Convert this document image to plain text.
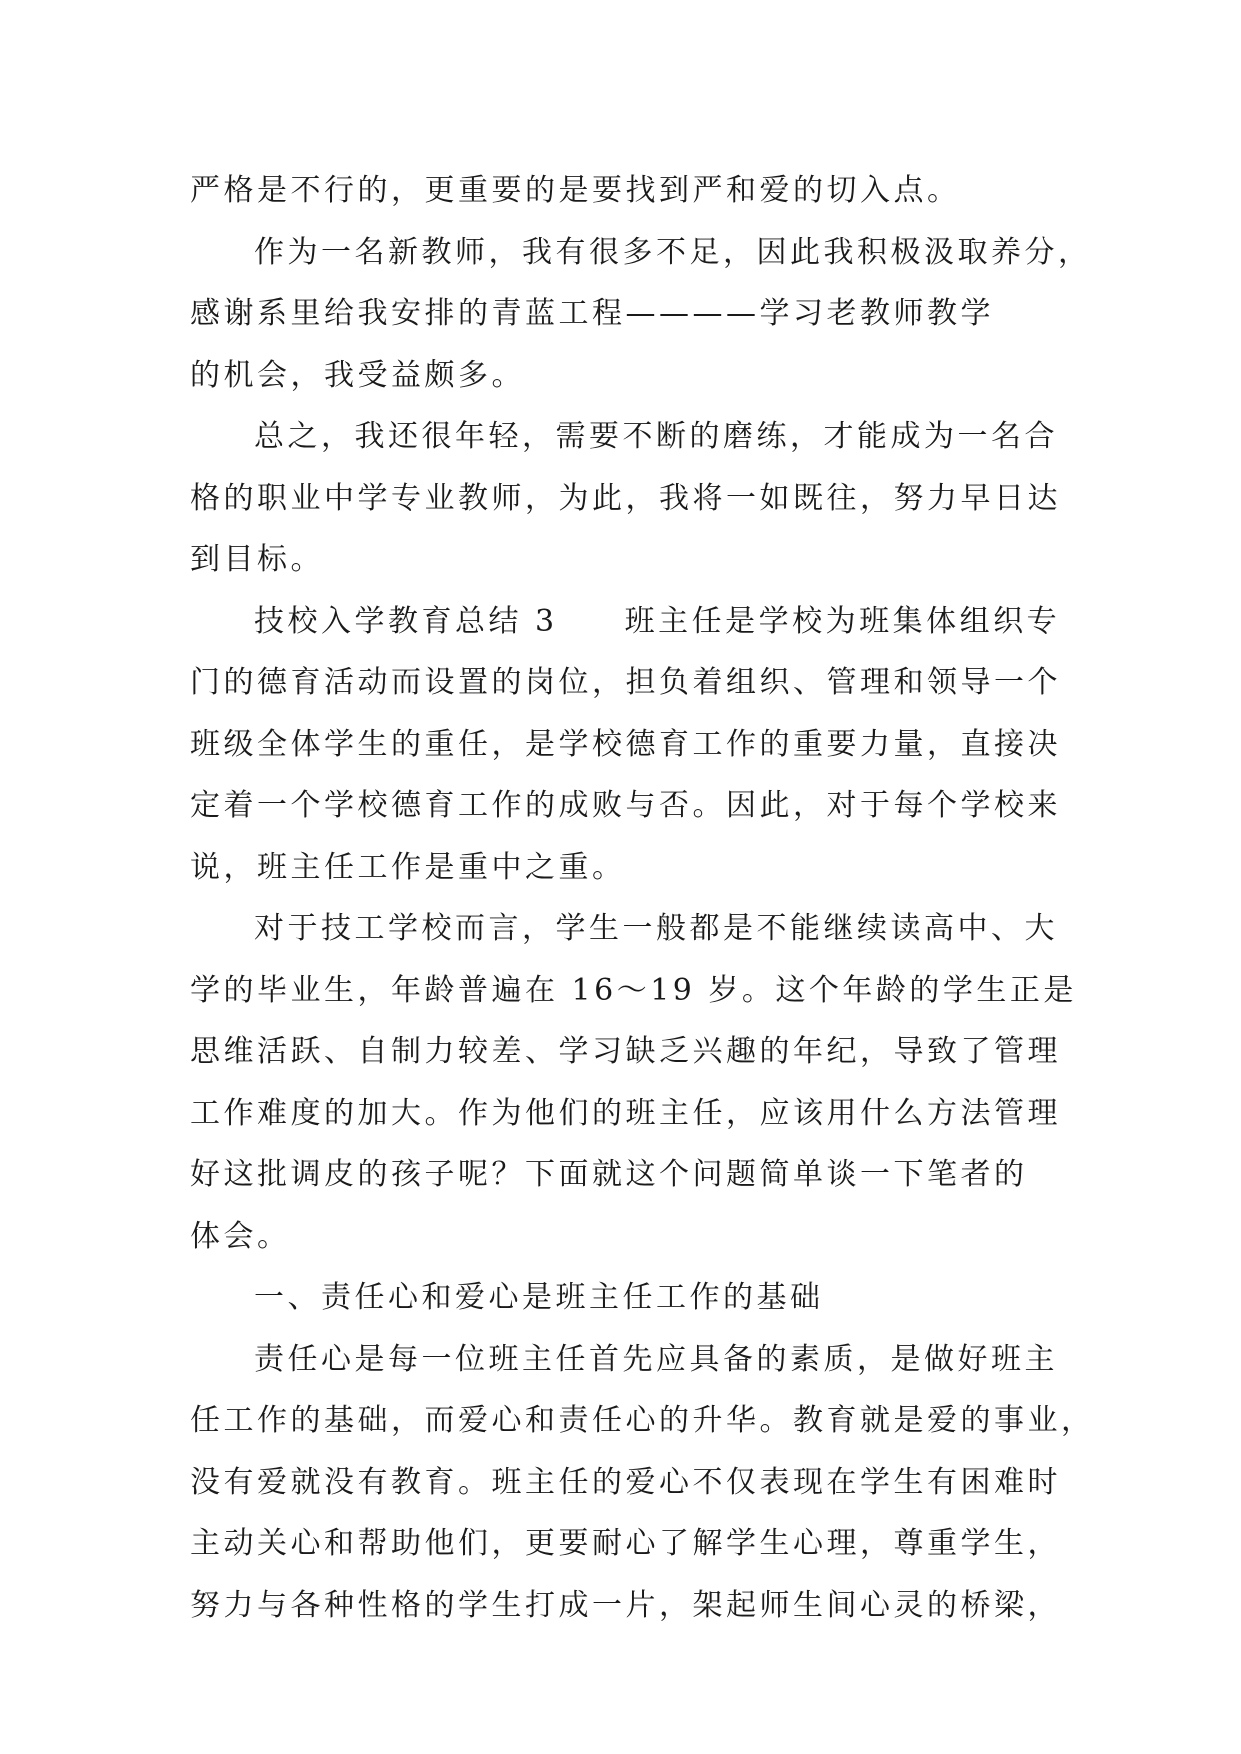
严格是不行的，更重要的是要找到严和爱的切入点。
作为一名新教师，我有很多不足，因此我积极汲取养分，
感谢系里给我安排的青蓝工程————学习老教师教学
的机会，我受益颇多。
总之，我还很年轻，需要不断的磨练，才能成为一名合
格的职业中学专业教师，为此，我将一如既往，努力早日达
到目标。
技校入学教育总结 3　　班主任是学校为班集体组织专
门的德育活动而设置的岗位，担负着组织、管理和领导一个
班级全体学生的重任，是学校德育工作的重要力量，直接决
定着一个学校德育工作的成败与否。因此，对于每个学校来
说，班主任工作是重中之重。
对于技工学校而言，学生一般都是不能继续读高中、大
学的毕业生，年龄普遍在 16～19 岁。这个年龄的学生正是
思维活跃、自制力较差、学习缺乏兴趣的年纪，导致了管理
工作难度的加大。作为他们的班主任，应该用什么方法管理
好这批调皮的孩子呢？下面就这个问题简单谈一下笔者的
体会。
一、责任心和爱心是班主任工作的基础
责任心是每一位班主任首先应具备的素质，是做好班主
任工作的基础，而爱心和责任心的升华。教育就是爱的事业，
没有爱就没有教育。班主任的爱心不仅表现在学生有困难时
主动关心和帮助他们，更要耐心了解学生心理，尊重学生，
努力与各种性格的学生打成一片，架起师生间心灵的桥梁，
